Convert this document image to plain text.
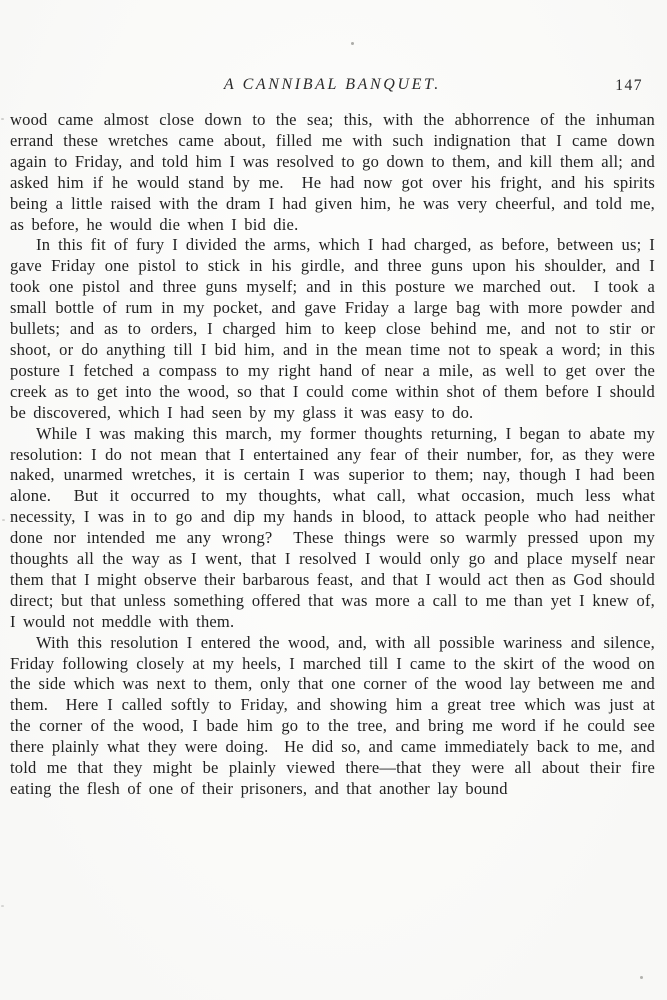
A CANNIBAL BANQUET.	147

wood came almost close down to the sea; this, with the abhorrence of the inhuman errand these wretches came about, filled me with such indignation that I came down again to Friday, and told him I was resolved to go down to them, and kill them all; and asked him if he would stand by me.  He had now got over his fright, and his spirits being a little raised with the dram I had given him, he was very cheerful, and told me, as before, he would die when I bid die.

In this fit of fury I divided the arms, which I had charged, as before, between us; I gave Friday one pistol to stick in his girdle, and three guns upon his shoulder, and I took one pistol and three guns myself; and in this posture we marched out.  I took a small bottle of rum in my pocket, and gave Friday a large bag with more powder and bullets; and as to orders, I charged him to keep close behind me, and not to stir or shoot, or do anything till I bid him, and in the mean time not to speak a word; in this posture I fetched a compass to my right hand of near a mile, as well to get over the creek as to get into the wood, so that I could come within shot of them before I should be discovered, which I had seen by my glass it was easy to do.

While I was making this march, my former thoughts returning, I began to abate my resolution: I do not mean that I entertained any fear of their number, for, as they were naked, unarmed wretches, it is certain I was superior to them; nay, though I had been alone.  But it occurred to my thoughts, what call, what occasion, much less what necessity, I was in to go and dip my hands in blood, to attack people who had neither done nor intended me any wrong?  These things were so warmly pressed upon my thoughts all the way as I went, that I resolved I would only go and place myself near them that I might observe their barbarous feast, and that I would act then as God should direct; but that unless something offered that was more a call to me than yet I knew of, I would not meddle with them.

With this resolution I entered the wood, and, with all possible wariness and silence, Friday following closely at my heels, I marched till I came to the skirt of the wood on the side which was next to them, only that one corner of the wood lay between me and them.  Here I called softly to Friday, and showing him a great tree which was just at the corner of the wood, I bade him go to the tree, and bring me word if he could see there plainly what they were doing.  He did so, and came immediately back to me, and told me that they might be plainly viewed there—that they were all about their fire eating the flesh of one of their prisoners, and that another lay bound
